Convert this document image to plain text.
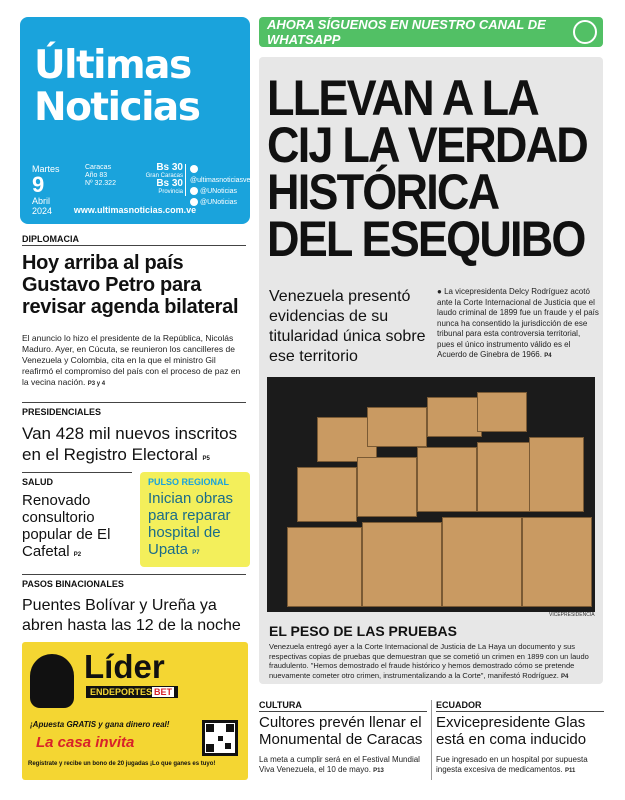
Últimas
Noticias
Martes
9
Abril
2024
Caracas
Año 83
Nº 32.322
Bs 30
Gran Caracas
Bs 30
Provincia
@ultimasnoticiasve
@UNoticias
@UNoticias
www.ultimasnoticias.com.ve
AHORA SÍGUENOS EN NUESTRO CANAL DE WHATSAPP
LLEVAN A LA
CIJ LA VERDAD
HISTÓRICA
DEL ESEQUIBO
Venezuela presentó evidencias de su titularidad única sobre ese territorio
● La vicepresidenta Delcy Rodríguez acotó ante la Corte Internacional de Justicia que el laudo criminal de 1899 fue un fraude y el país nunca ha consentido la jurisdicción de ese tribunal para esta controversia territorial, pues el único instrumento válido es el Acuerdo de Ginebra de 1966. P4
VICEPRESIDENCIA
EL PESO DE LAS PRUEBAS
Venezuela entregó ayer a la Corte Internacional de Justicia de La Haya un documento y sus respectivas copias de pruebas que demuestran que se cometió un crimen en 1899 con un laudo fraudulento. "Hemos demostrado el fraude histórico y hemos demostrado cómo se pretende nuevamente cometer otro crimen, instrumentalizando a la Corte", manifestó Rodríguez. P4
DIPLOMACIA
Hoy arriba al país Gustavo Petro para revisar agenda bilateral
El anuncio lo hizo el presidente de la República, Nicolás Maduro. Ayer, en Cúcuta, se reunieron los cancilleres de Venezuela y Colombia, cita en la que el ministro Gil reafirmó el compromiso del país con el proceso de paz en la vecina nación. P3 y 4
PRESIDENCIALES
Van 428 mil nuevos inscritos en el Registro Electoral P5
SALUD
Renovado consultorio popular de El Cafetal P2
PULSO REGIONAL
Inician obras para reparar hospital de Upata P7
PASOS BINACIONALES
Puentes Bolívar y Ureña ya abren hasta las 12 de la noche
Líder
ENDEPORTES BET
¡Apuesta GRATIS y gana dinero real!
La casa invita
Regístrate y recibe un bono de 20 jugadas ¡Lo que ganes es tuyo!
CULTURA
Cultores prevén llenar el Monumental de Caracas
La meta a cumplir será en el Festival Mundial Viva Venezuela, el 10 de mayo. P13
ECUADOR
Exvicepresidente Glas está en coma inducido
Fue ingresado en un hospital por supuesta ingesta excesiva de medicamentos. P11
